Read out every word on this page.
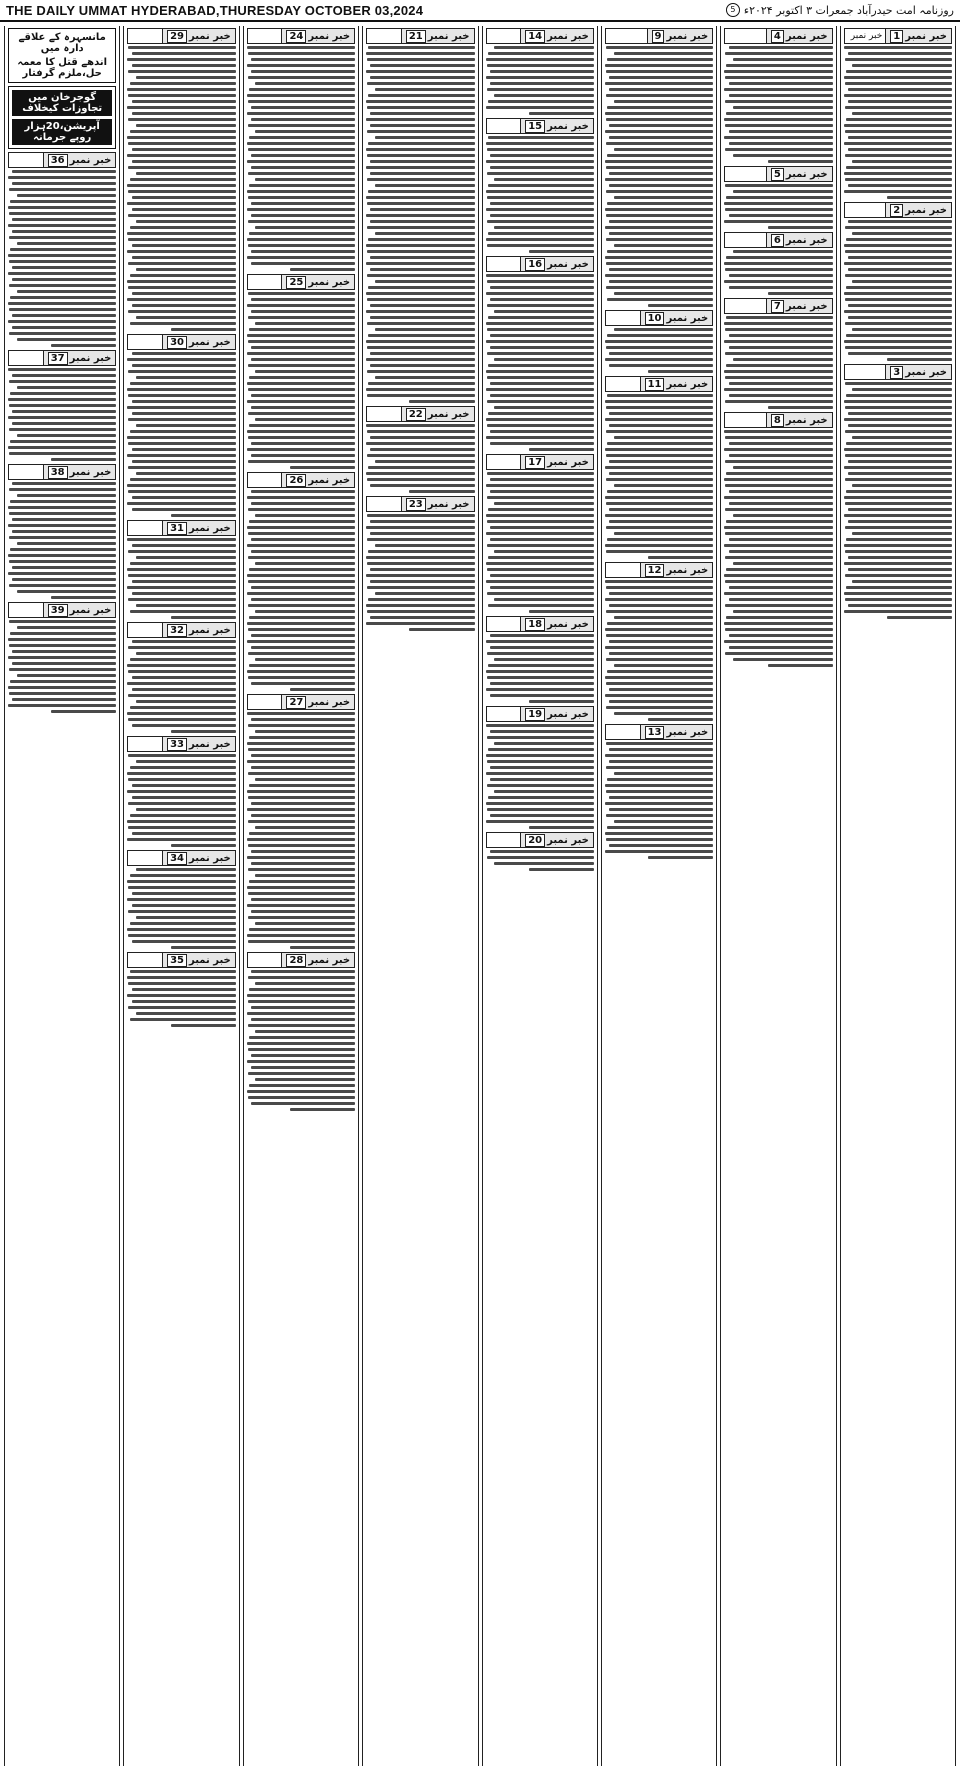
THE DAILY UMMAT HYDERABAD,THURESDAY OCTOBER 03,2024	روزنامہ امت حیدرآباد جمعرات ۳ اکتوبر ۲۰۲۴ء
5
خبر نمبر
1
خبر نمبر
خبر نمبر
2
خبر نمبر
3
خبر نمبر
4
خبر نمبر
5
خبر نمبر
6
خبر نمبر
7
خبر نمبر
8
خبر نمبر
9
خبر نمبر
10
خبر نمبر
11
خبر نمبر
12
خبر نمبر
13
خبر نمبر
14
خبر نمبر
15
خبر نمبر
16
خبر نمبر
17
خبر نمبر
18
خبر نمبر
19
خبر نمبر
20
خبر نمبر
21
خبر نمبر
22
خبر نمبر
23
خبر نمبر
24
خبر نمبر
25
خبر نمبر
26
خبر نمبر
27
خبر نمبر
28
خبر نمبر
29
خبر نمبر
30
خبر نمبر
31
خبر نمبر
32
خبر نمبر
33
خبر نمبر
34
خبر نمبر
35
مانسہرہ کے علاقے دارہ میں
اندھے قتل کا معمہ حل،ملزم گرفتار
گوجرخان میں تجاوزات کیخلاف
آپریشن،20ہزار روپے جرمانہ
خبر نمبر
36
خبر نمبر
37
خبر نمبر
38
خبر نمبر
39
